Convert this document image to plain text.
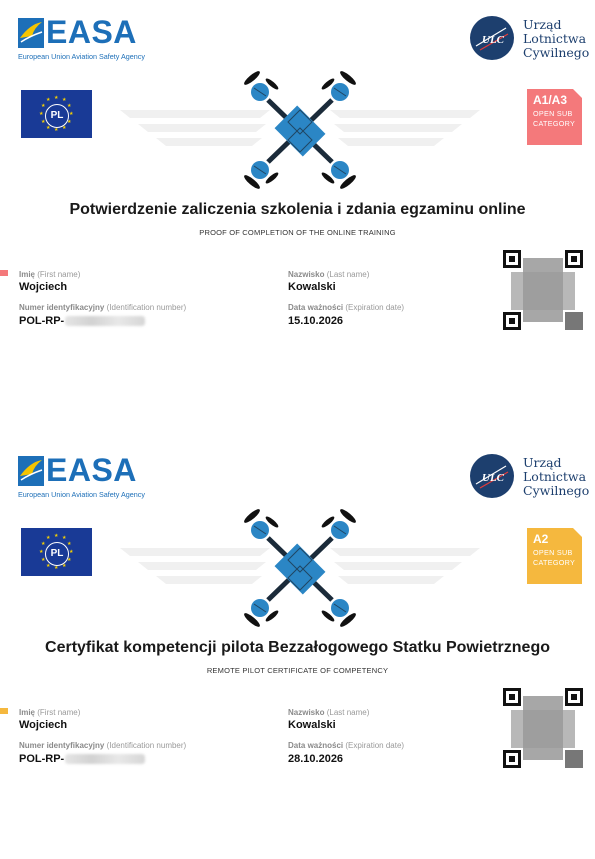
EASA
European Union Aviation Safety Agency
ULC
Urząd
Lotnictwa
Cywilnego
★ ★
★
★
★
★
★
★
★
★
★
★
PL
A1/A3
OPEN SUB CATEGORY
Potwierdzenie zaliczenia szkolenia i zdania egzaminu online
PROOF OF COMPLETION OF THE ONLINE TRAINING
Imię (First name)
Wojciech
Numer identyfikacyjny (Identification number)
POL-RP-
Nazwisko (Last name)
Kowalski
Data ważności (Expiration date)
15.10.2026
EASA
European Union Aviation Safety Agency
ULC
Urząd
Lotnictwa
Cywilnego
★ ★
★
★
★
★
★
★
★
★
★
★
PL
A2
OPEN SUB CATEGORY
Certyfikat kompetencji pilota Bezzałogowego Statku Powietrznego
REMOTE PILOT CERTIFICATE OF COMPETENCY
Imię (First name)
Wojciech
Numer identyfikacyjny (Identification number)
POL-RP-
Nazwisko (Last name)
Kowalski
Data ważności (Expiration date)
28.10.2026
